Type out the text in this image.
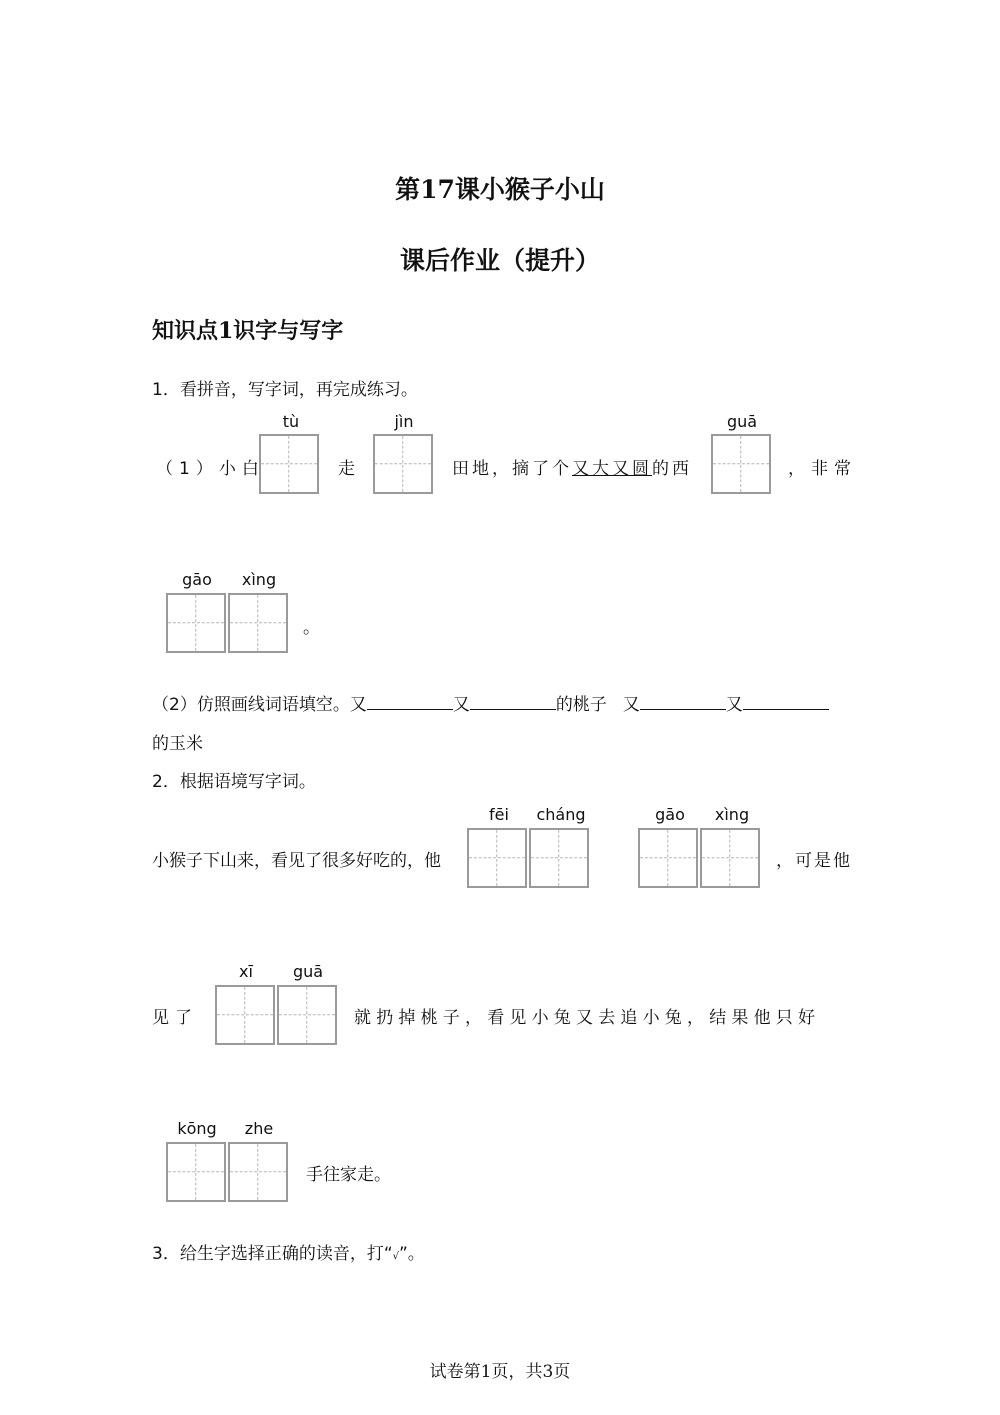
第17课小猴子小山
课后作业（提升）
知识点1识字与写字
1．看拼音，写字词，再完成练习。
（1）小白
tù
走
jìn
田地，摘了个又大又圆的西
guā
，非常
gāo	xìng
。
（2）仿照画线词语填空。又	又	的桃子 又	又
的玉米
2．根据语境写字词。
小猴子下山来，看见了很多好吃的，他
fēi	cháng	gāo	xìng
，可是他
见了
xī	guā
就扔掉桃子，看见小兔又去追小兔，结果他只好
kōng	zhe
手往家走。
3．给生字选择正确的读音，打“√”。
试卷第1页，共3页
